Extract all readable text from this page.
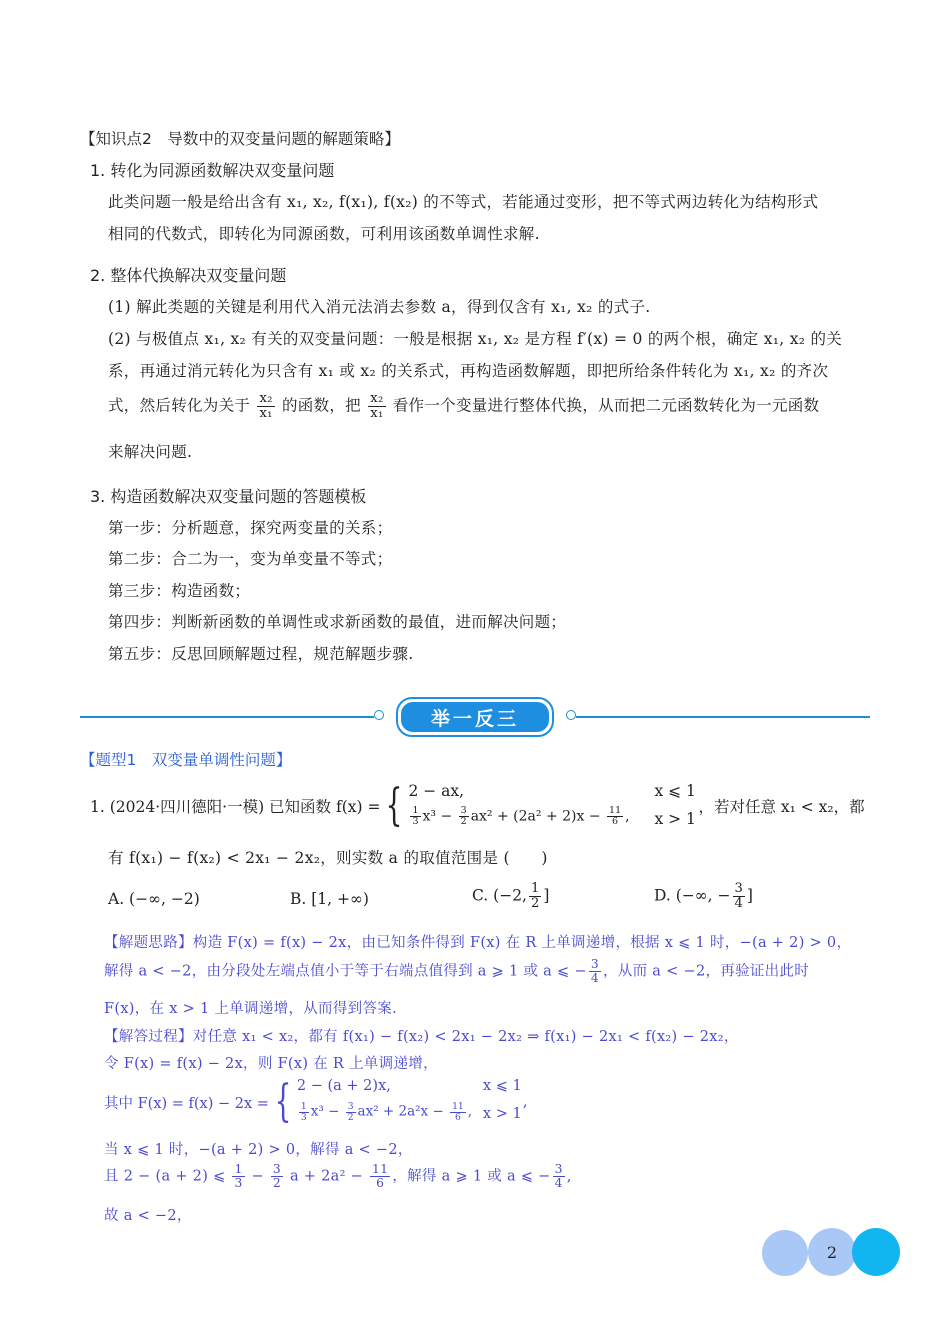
【知识点2　导数中的双变量问题的解题策略】
1. 转化为同源函数解决双变量问题
此类问题一般是给出含有 x₁, x₂, f(x₁), f(x₂) 的不等式，若能通过变形，把不等式两边转化为结构形式
相同的代数式，即转化为同源函数，可利用该函数单调性求解.
2. 整体代换解决双变量问题
(1) 解此类题的关键是利用代入消元法消去参数 a，得到仅含有 x₁, x₂ 的式子.
(2) 与极值点 x₁, x₂ 有关的双变量问题：一般是根据 x₁, x₂ 是方程 f′(x) = 0 的两个根，确定 x₁, x₂ 的关
系，再通过消元转化为只含有 x₁ 或 x₂ 的关系式，再构造函数解题，即把所给条件转化为 x₁, x₂ 的齐次
式，然后转化为关于 $\frac{\text{x₂}}{\text{x₁}}$ 的函数，把 $\frac{\text{x₂}}{\text{x₁}}$ 看作一个变量进行整体代换，从而把二元函数转化为一元函数
来解决问题.
3. 构造函数解决双变量问题的答题模板
第一步：分析题意，探究两变量的关系；
第二步：合二为一，变为单变量不等式；
第三步：构造函数；
第四步：判断新函数的单调性或求新函数的最值，进而解决问题；
第五步：反思回顾解题过程，规范解题步骤.
举一反三
【题型1　双变量单调性问题】
1. (2024·四川德阳·一模) 已知函数 f(x) = { 2 − ax,	x ⩽ 1
$\frac{1}{3} x^3 - \frac{3}{2} ax^2 + (2a^2 + 2)x - \frac{11}{6}$ , x > 1
，若对任意 x₁ < x₂，都
有 f(x₁) − f(x₂) < 2x₁ − 2x₂，则实数 a 的取值范围是 (　　)
A. (−∞, −2)	B. [1, +∞)	C. (−2, $\frac{1}{2}$ ]	D. (−∞, − $\frac{3}{4}$ ]
【解题思路】构造 F(x) = f(x) − 2x，由已知条件得到 F(x) 在 R 上单调递增，根据 x ⩽ 1 时，−(a + 2) > 0，
解得 a < −2，由分段处左端点值小于等于右端点值得到 a ⩾ 1 或 a ⩽ − $\frac{3}{4}$ ，从而 a < −2，再验证出此时
F(x)，在 x > 1 上单调递增，从而得到答案.
【解答过程】对任意 x₁ < x₂，都有 f(x₁) − f(x₂) < 2x₁ − 2x₂ ⇒ f(x₁) − 2x₁ < f(x₂) − 2x₂，
令 F(x) = f(x) − 2x，则 F(x) 在 R 上单调递增，
其中 F(x) = f(x) − 2x = { 2 − (a + 2)x,	x ⩽ 1
$\frac{1}{3} x^3 - \frac{3}{2} ax^2 + 2a^2x - \frac{11}{6}$ , x > 1
,
当 x ⩽ 1 时，−(a + 2) > 0，解得 a < −2，
且 2 − (a + 2) ⩽ $\frac{1}{3} - \frac{3}{2}$ $a + 2a^2 - \frac{11}{6}$ ，解得 a ⩾ 1 或 a ⩽ − $\frac{3}{4}$ ,
故 a < −2，
2
